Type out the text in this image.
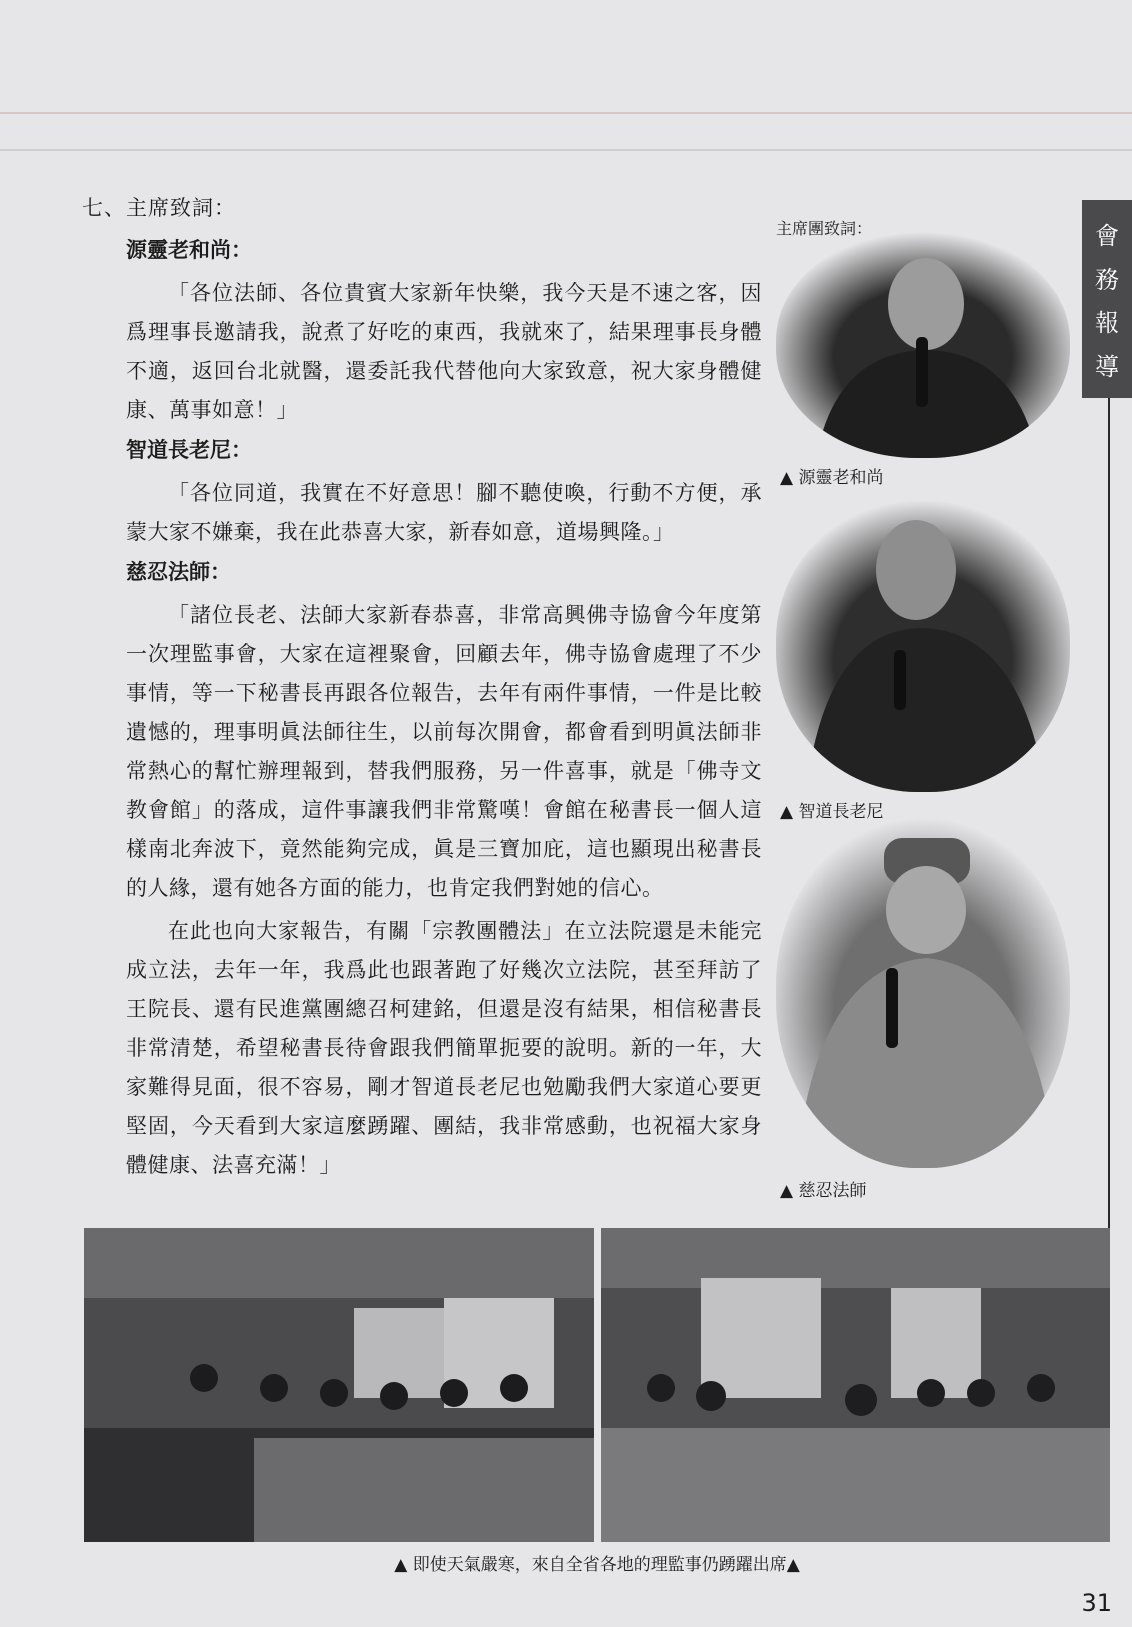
會
務
報
導

七、主席致詞：

源靈老和尚：

「各位法師、各位貴賓大家新年快樂，我今天是不速之客，因爲理事長邀請我，說煮了好吃的東西，我就來了，結果理事長身體不適，返回台北就醫，還委託我代替他向大家致意，祝大家身體健康、萬事如意！」

智道長老尼：

「各位同道，我實在不好意思！腳不聽使喚，行動不方便，承蒙大家不嫌棄，我在此恭喜大家，新春如意，道場興隆。」

慈忍法師：

「諸位長老、法師大家新春恭喜，非常高興佛寺協會今年度第一次理監事會，大家在這裡聚會，回顧去年，佛寺協會處理了不少事情，等一下秘書長再跟各位報告，去年有兩件事情，一件是比較遺憾的，理事明眞法師往生，以前每次開會，都會看到明眞法師非常熱心的幫忙辦理報到，替我們服務，另一件喜事，就是「佛寺文教會館」的落成，這件事讓我們非常驚嘆！會館在秘書長一個人這樣南北奔波下，竟然能夠完成，眞是三寶加庇，這也顯現出秘書長的人緣，還有她各方面的能力，也肯定我們對她的信心。

在此也向大家報告，有關「宗教團體法」在立法院還是未能完成立法，去年一年，我爲此也跟著跑了好幾次立法院，甚至拜訪了王院長、還有民進黨團總召柯建銘，但還是沒有結果，相信秘書長非常清楚，希望秘書長待會跟我們簡單扼要的說明。新的一年，大家難得見面，很不容易，剛才智道長老尼也勉勵我們大家道心要更堅固，今天看到大家這麼踴躍、團結，我非常感動，也祝福大家身體健康、法喜充滿！」

主席團致詞：
▲ 源靈老和尚
▲ 智道長老尼
▲ 慈忍法師
▲ 即使天氣嚴寒，來自全省各地的理監事仍踴躍出席▲
31
